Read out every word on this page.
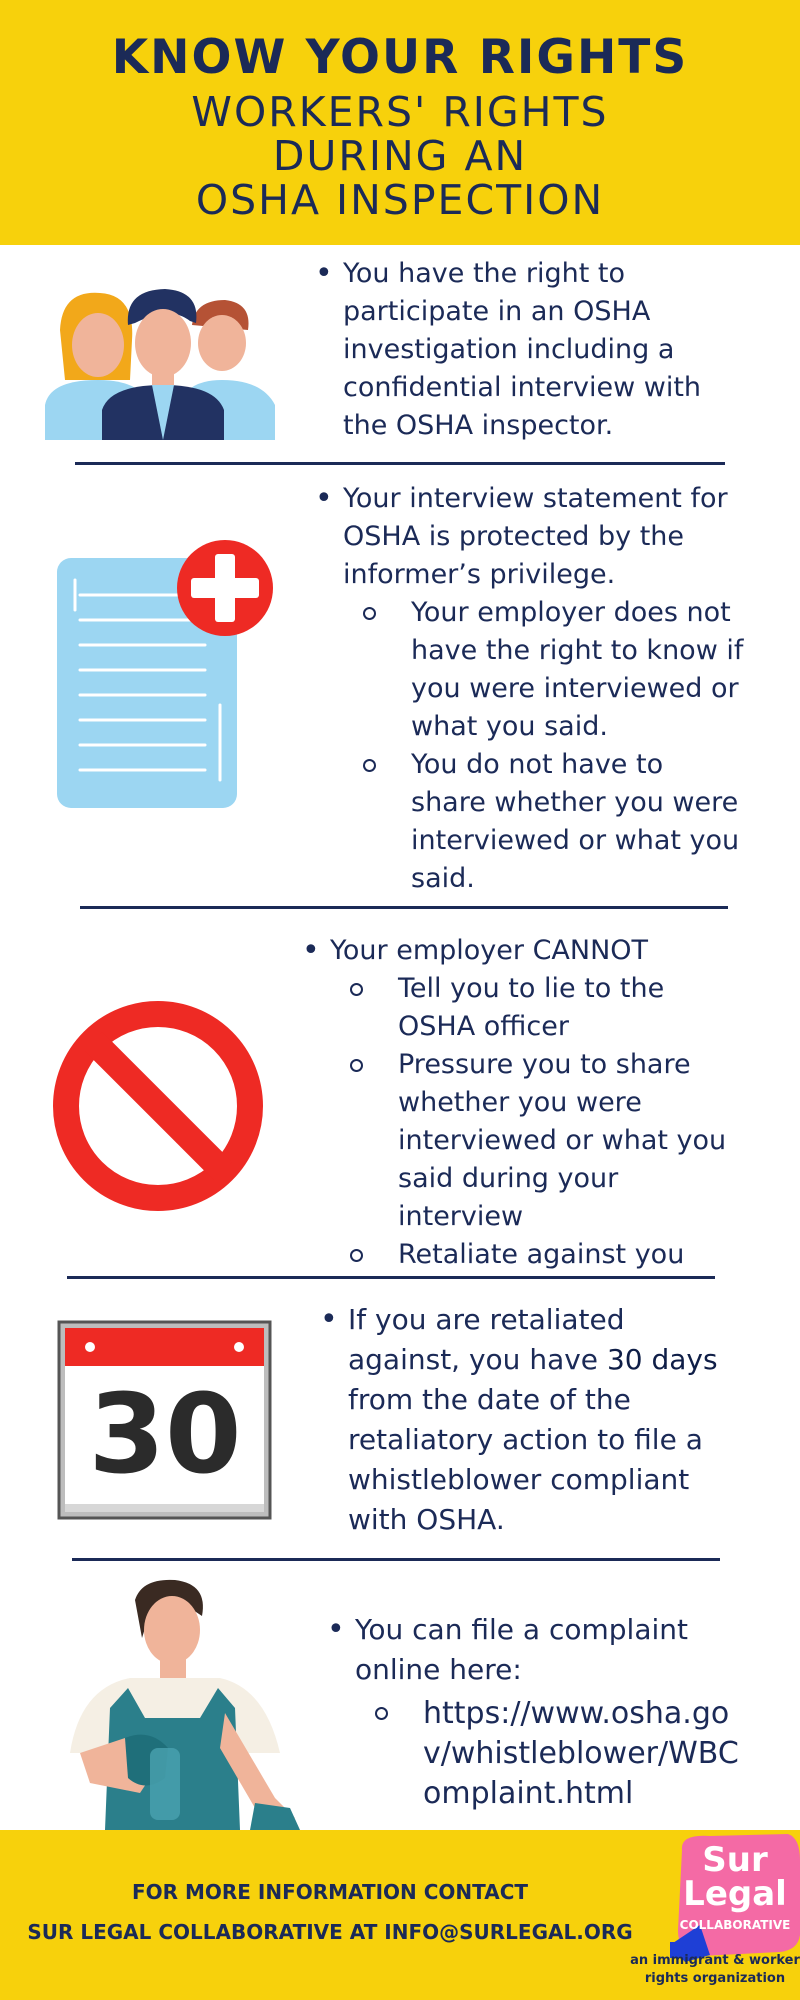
KNOW YOUR RIGHTS
WORKERS' RIGHTS
DURING AN
OSHA INSPECTION
• You have the right to participate in an OSHA investigation including a confidential interview with the OSHA inspector.
• Your interview statement for OSHA is protected by the informer’s privilege.
Your employer does not have the right to know if you were interviewed or what you said.
You do not have to share whether you were interviewed or what you said.
• Your employer CANNOT
Tell you to lie to the OSHA officer
Pressure you to share whether you were interviewed or what you said during your interview
Retaliate against you
30
• If you are retaliated against, you have 30 days from the date of the retaliatory action to file a whistleblower compliant with OSHA.
• You can file a complaint online here:
https://www.osha.gov/whistleblower/WBComplaint.html
FOR MORE INFORMATION CONTACT
SUR LEGAL COLLABORATIVE AT INFO@SURLEGAL.ORG
Sur
Legal
COLLABORATIVE
an immigrant & worker
rights organization
